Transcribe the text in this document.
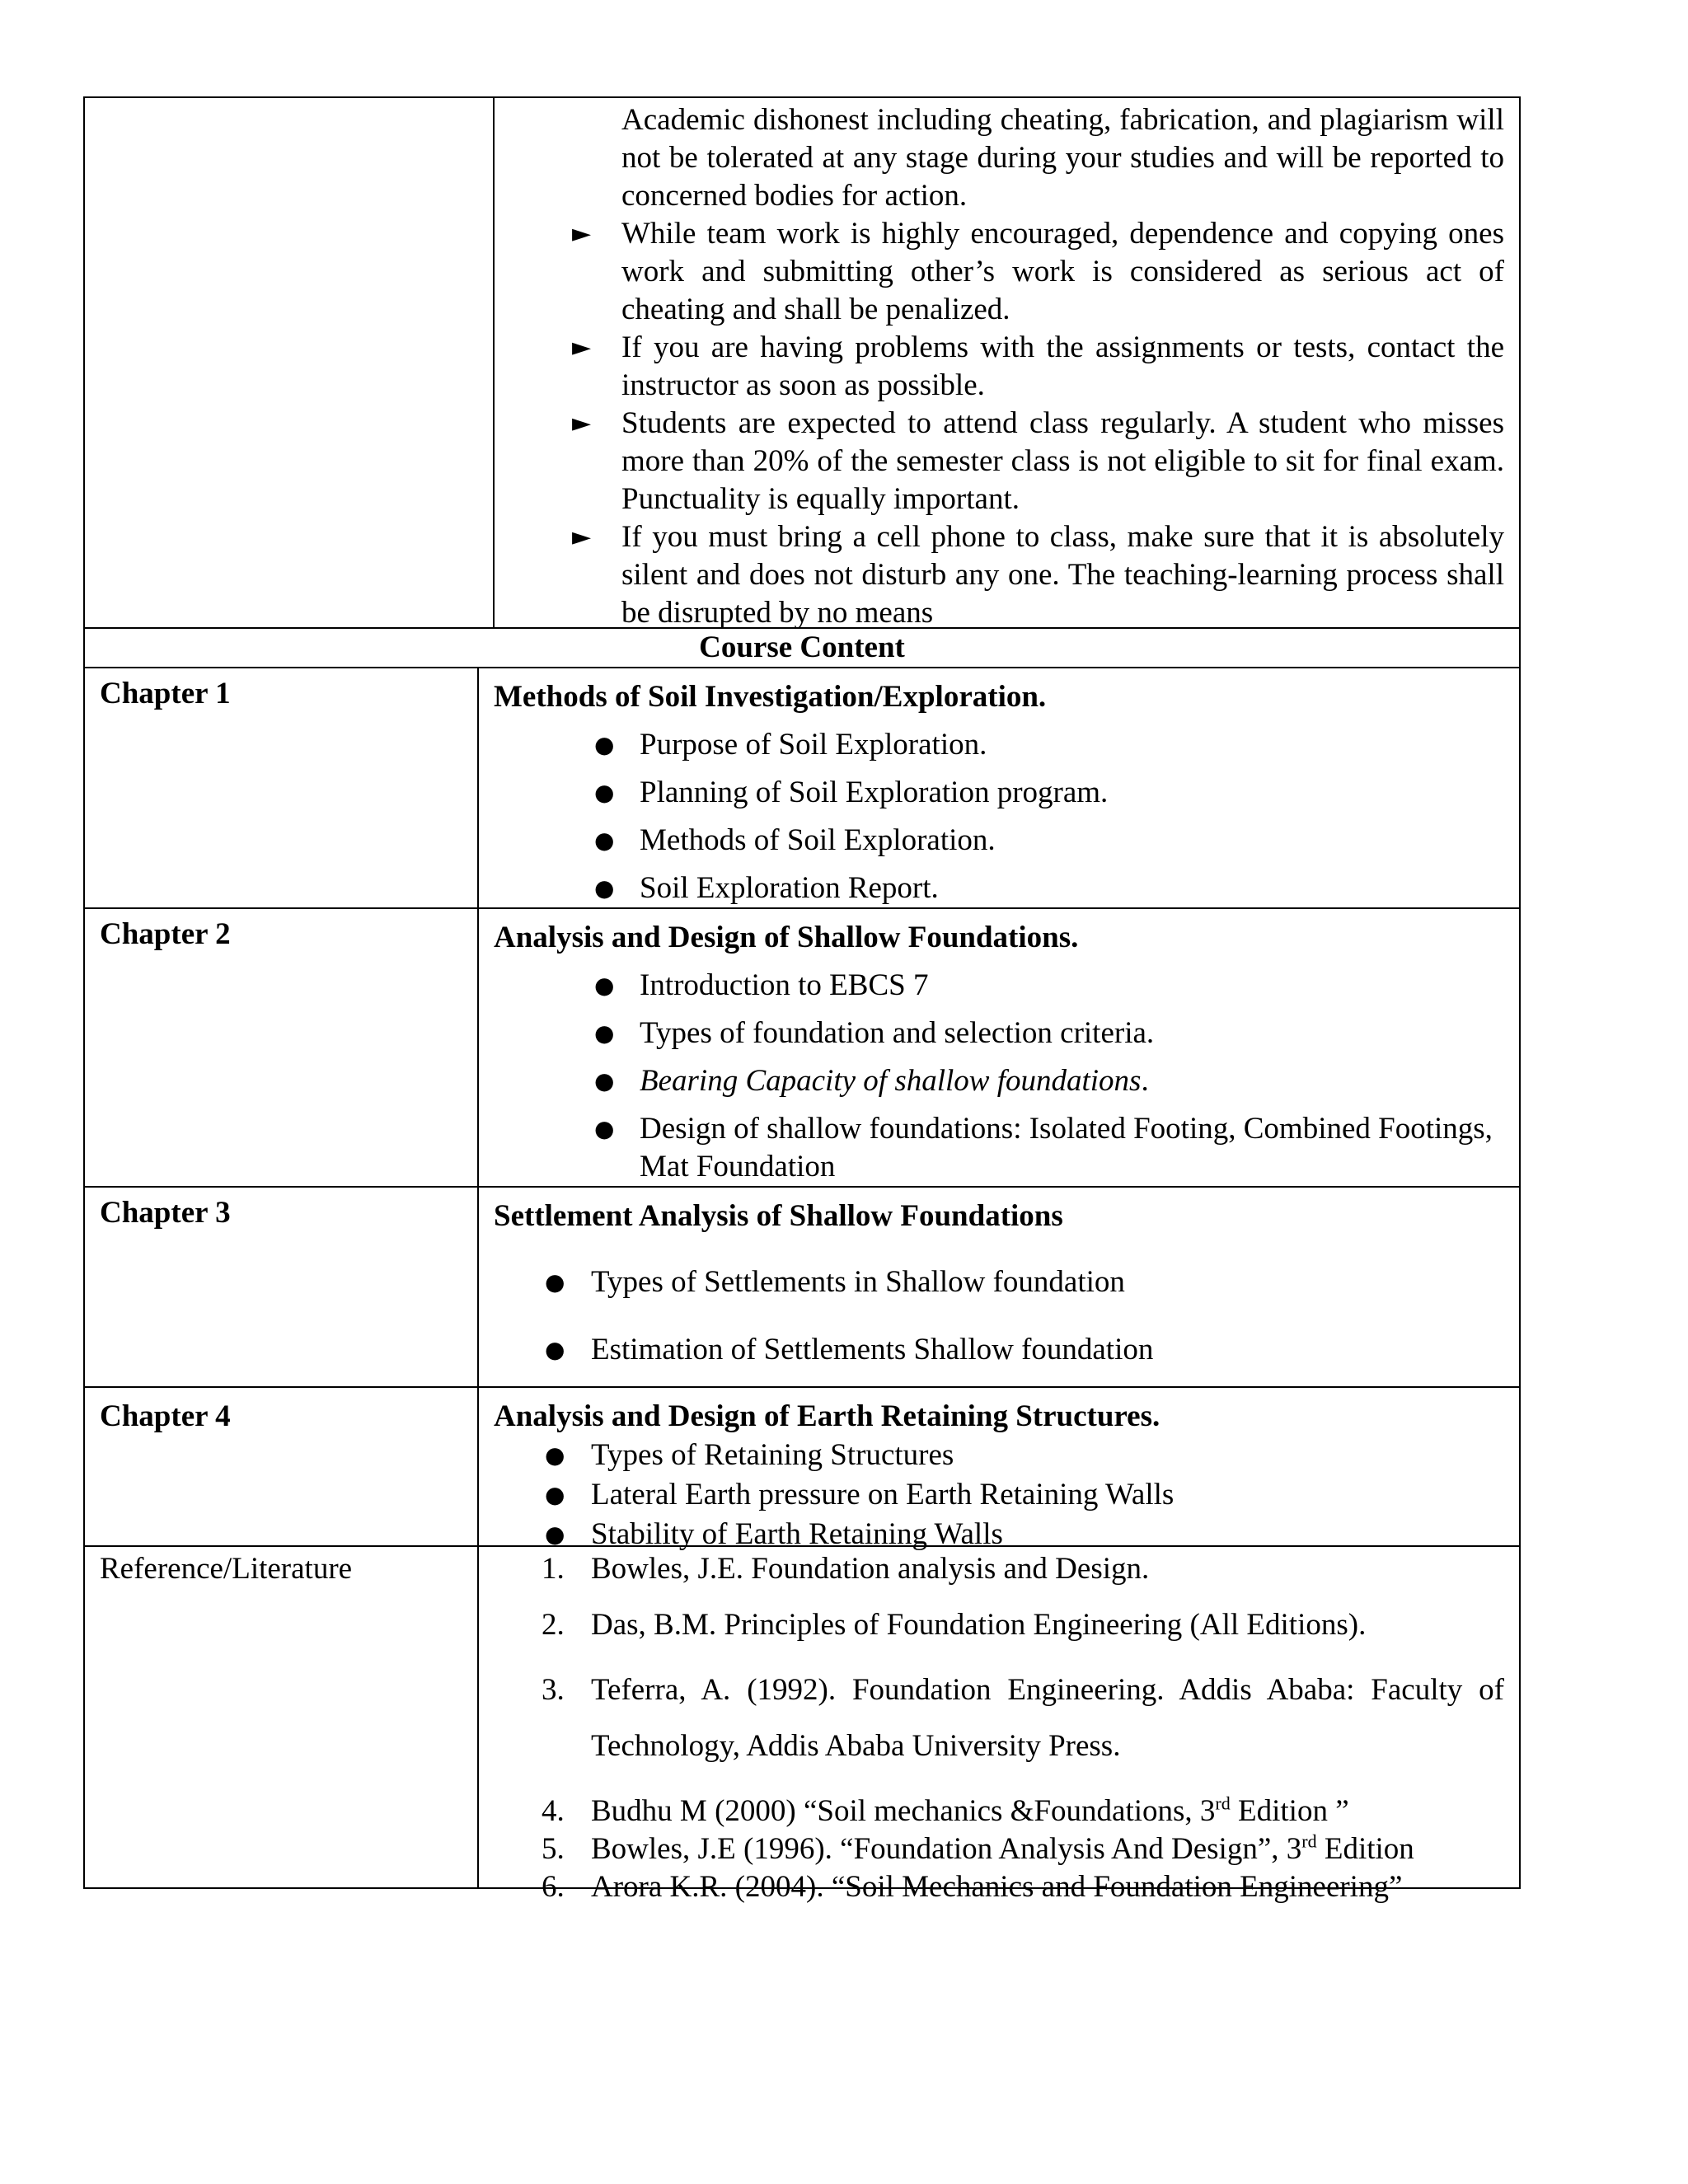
Academic dishonest including cheating, fabrication, and plagiarism will not be tolerated at any stage during your studies and will be reported to concerned bodies for action.
► While team work is highly encouraged, dependence and copying ones work and submitting other’s work is considered as serious act of cheating and shall be penalized.
► If you are having problems with the assignments or tests, contact the instructor as soon as possible.
► Students are expected to attend class regularly. A student who misses more than 20% of the semester class is not eligible to sit for final exam. Punctuality is equally important.
► If you must bring a cell phone to class, make sure that it is absolutely silent and does not disturb any one. The teaching-learning process shall be disrupted by no means
Course Content
Chapter 1	Methods of Soil Investigation/Exploration.
● Purpose of Soil Exploration.
● Planning of Soil Exploration program.
● Methods of Soil Exploration.
● Soil Exploration Report.
Chapter 2	Analysis and Design of Shallow Foundations.
● Introduction to EBCS 7
● Types of foundation and selection criteria.
● Bearing Capacity of shallow foundations.
● Design of shallow foundations: Isolated Footing, Combined Footings, Mat Foundation
Chapter 3	Settlement Analysis of Shallow Foundations
● Types of Settlements in Shallow foundation
● Estimation of Settlements Shallow foundation
Chapter 4	Analysis and Design of Earth Retaining Structures.
● Types of Retaining Structures
● Lateral Earth pressure on Earth Retaining Walls
● Stability of Earth Retaining Walls
Reference/Literature	1. Bowles, J.E. Foundation analysis and Design.
2. Das, B.M. Principles of Foundation Engineering (All Editions).
3. Teferra, A. (1992). Foundation Engineering. Addis Ababa: Faculty of Technology, Addis Ababa University Press.
4. Budhu M (2000) “Soil mechanics &Foundations, 3rd Edition ”
5. Bowles, J.E (1996). “Foundation Analysis And Design”, 3rd Edition
6. Arora K.R. (2004). “Soil Mechanics and Foundation Engineering”
